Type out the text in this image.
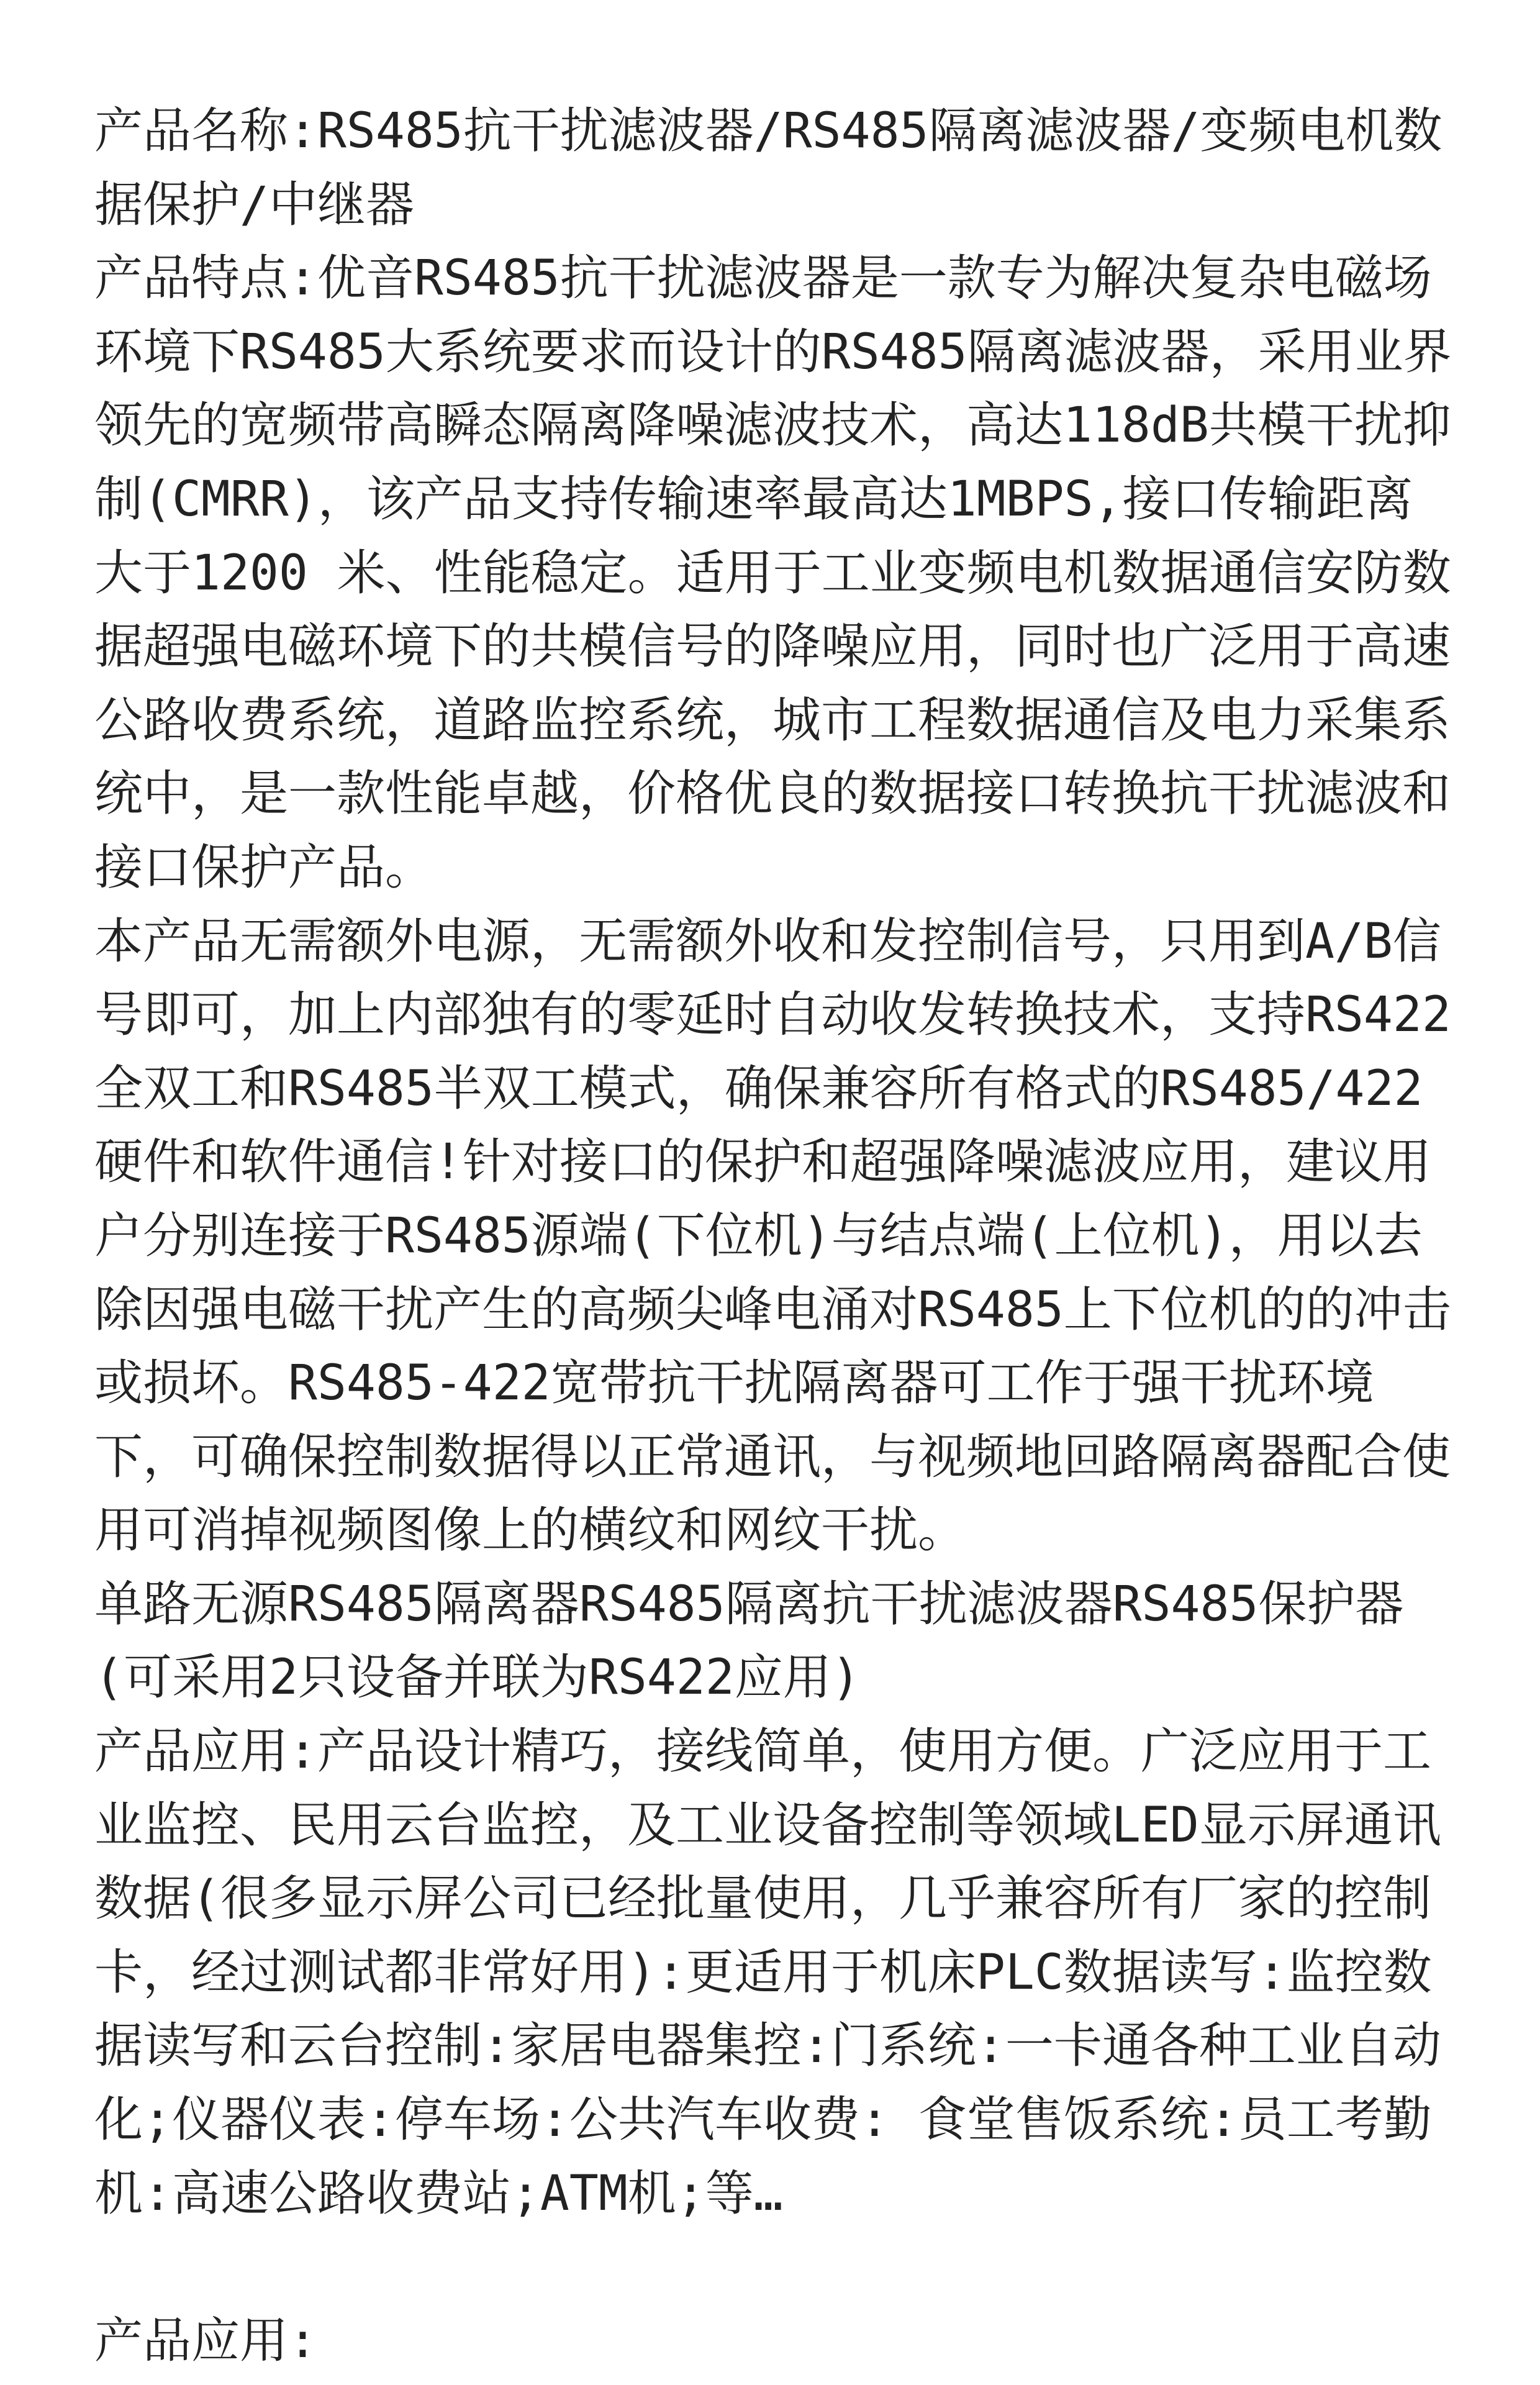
产品名称:RS485抗干扰滤波器/RS485隔离滤波器/变频电机数据保护/中继器

产品特点:优音RS485抗干扰滤波器是一款专为解决复杂电磁场环境下RS485大系统要求而设计的RS485隔离滤波器，采用业界领先的宽频带高瞬态隔离降噪滤波技术，高达118dB共模干扰抑制(CMRR)，该产品支持传输速率最高达1MBPS,接口传输距离大于1200 米、性能稳定。适用于工业变频电机数据通信安防数据超强电磁环境下的共模信号的降噪应用，同时也广泛用于高速公路收费系统，道路监控系统，城市工程数据通信及电力采集系统中，是一款性能卓越，价格优良的数据接口转换抗干扰滤波和接口保护产品。

本产品无需额外电源，无需额外收和发控制信号，只用到A/B信号即可，加上内部独有的零延时自动收发转换技术，支持RS422全双工和RS485半双工模式，确保兼容所有格式的RS485/422硬件和软件通信!针对接口的保护和超强降噪滤波应用，建议用户分别连接于RS485源端(下位机)与结点端(上位机)，用以去除因强电磁干扰产生的高频尖峰电涌对RS485上下位机的的冲击或损坏。RS485-422宽带抗干扰隔离器可工作于强干扰环境下，可确保控制数据得以正常通讯，与视频地回路隔离器配合使用可消掉视频图像上的横纹和网纹干扰。

单路无源RS485隔离器RS485隔离抗干扰滤波器RS485保护器(可采用2只设备并联为RS422应用)

产品应用:产品设计精巧，接线简单，使用方便。广泛应用于工业监控、民用云台监控，及工业设备控制等领域LED显示屏通讯数据(很多显示屏公司已经批量使用，几乎兼容所有厂家的控制卡，经过测试都非常好用):更适用于机床PLC数据读写:监控数据读写和云台控制:家居电器集控:门系统:一卡通各种工业自动化;仪器仪表:停车场:公共汽车收费: 食堂售饭系统:员工考勤机:高速公路收费站;ATM机;等…

产品应用:
